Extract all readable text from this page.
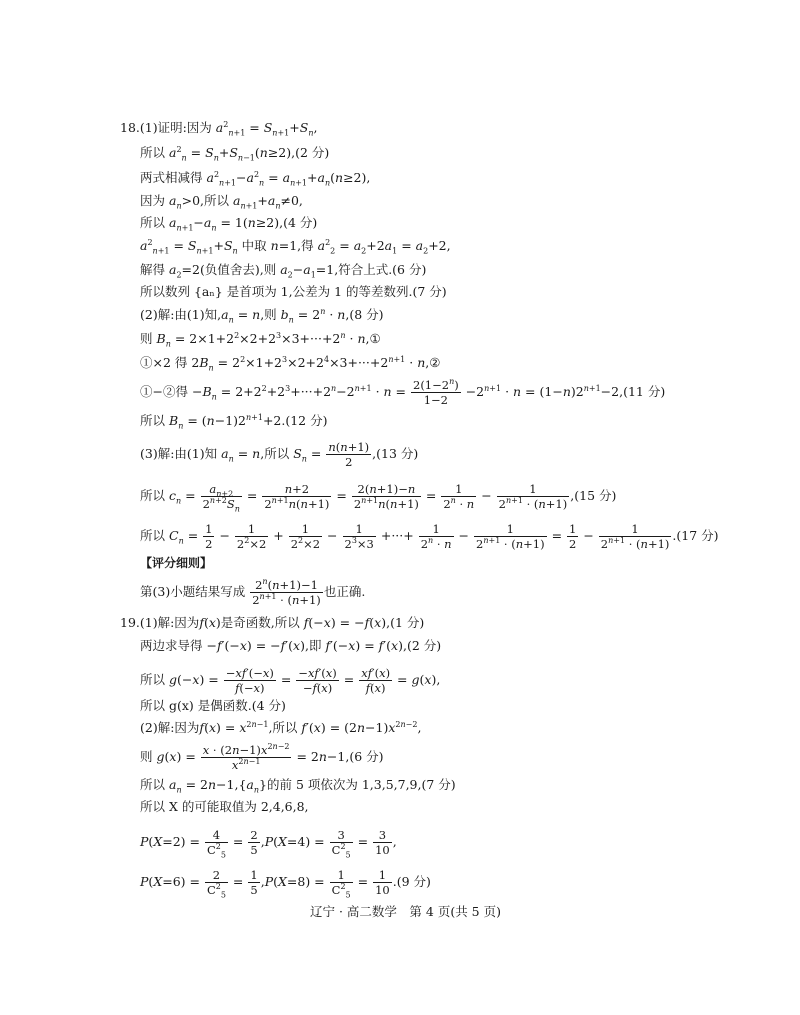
18.(1)证明:因为 $a^2_{n+1} = S_{n+1}+S_n$,
所以 $a^2_n = S_n+S_{n-1}(n\ge 2),(2$ 分)
两式相减得 $a^2_{n+1}-a^2_n = a_{n+1}+a_n(n\ge 2)$,
因为 $a_n>0$,所以 $a_{n+1}+a_n\ne 0$,
所以 $a_{n+1}-a_n = 1(n\ge 2),(4$ 分)
$a^2_{n+1} = S_{n+1}+S_n$ 中取 n=1,得 $a^2_2 = a_2+2a_1 = a_2+2$,
解得 $a_2=2$(负值舍去),则 $a_2-a_1=1$,符合上式.(6 分)
所以数列 {aₙ} 是首项为 1,公差为 1 的等差数列.(7 分)
(2)解:由(1)知$,a_n = n$,则 $b_n = 2^n \cdot n,(8$ 分)
则 $B_n = 2\times 1+2^2\times 2+2^3\times 3+\cdot\cdot\cdot+2^n$ · n,①
①×2 得 $2B_n = 2^2\times 1+2^3\times 2+2^4\times 3+\cdot\cdot\cdot+2^{n+1}$ · n,②
①−②得 $-B_n = 2+2^2+2^3+\cdot\cdot\cdot+2^n-2^{n+1} \cdot n = \frac{2(1-2^n)}{1-2} -2^{n+1} \cdot n = (1-n)2^{n+1}-2,(11$ 分)
所以 $B_n = (n-1)2^{n+1}+2.(12$ 分)
(3)解:由(1)知 $a_n = n$,所以 $S_n = \frac{n(n+1)}{2} ,(13$ 分)
所以 $c_n = \frac{a_{n+2}}{2^{n+2}S_n} = \frac{n+2}{2^{n+1}n(n+1)} = \frac{2(n+1)-n}{2^{n+1}n(n+1)} = \frac{1}{2^n \cdot n} - \frac{1}{2^{n+1} \cdot (n+1)} ,(15$ 分)
所以 $C_n = \frac{1}{2} - \frac{1}{2^2\times 2} + \frac{1}{2^2\times 2} - \frac{1}{2^3\times 3}$ +···+ $\frac{1}{2^n \cdot n} - \frac{1}{2^{n+1} \cdot (n+1)} = \frac{1}{2} - \frac{1}{2^{n+1} \cdot (n+1)} .(17$ 分)
【评分细则】
第(3)小题结果写成 $\frac{2^n(n+1)-1}{2^{n+1} \cdot (n+1)}$ 也正确.
19.(1)解:因为f(x)是奇函数,所以 f(−x) = −f(x),(1 分)
两边求导得 −f′(−x) = −f′(x),即 f′(−x) = f′(x),(2 分)
所以 $g(-x) = \frac{-xf'(-x)}{f(-x)} = \frac{-xf'(x)}{-f(x)} = \frac{xf'(x)}{f(x)} = g(x)$,
所以 g(x) 是偶函数.(4 分)
(2)解:因为$f(x) = x^{2n-1}$,所以 $f'(x) = (2n-1)x^{2n-2}$,
则 $g(x) = \frac{x \cdot (2n-1)x^{2n-2}}{x^{2n-1}} = 2n-1,(6$ 分)
所以 $a_n = 2n-1,\{a_n\}$的前 5 项依次为 1,3,5,7,9,(7 分)
所以 X 的可能取值为 2,4,6,8,
$P(X=2) = \frac{4}{C^2_5} = \frac{2}{5} ,P(X=4) = \frac{3}{C^2_5} = \frac{3}{10}$ ,
$P(X=6) = \frac{2}{C^2_5} = \frac{1}{5} ,P(X=8) = \frac{1}{C^2_5} = \frac{1}{10} .(9$ 分)
辽宁 · 高二数学　第 4 页(共 5 页)
